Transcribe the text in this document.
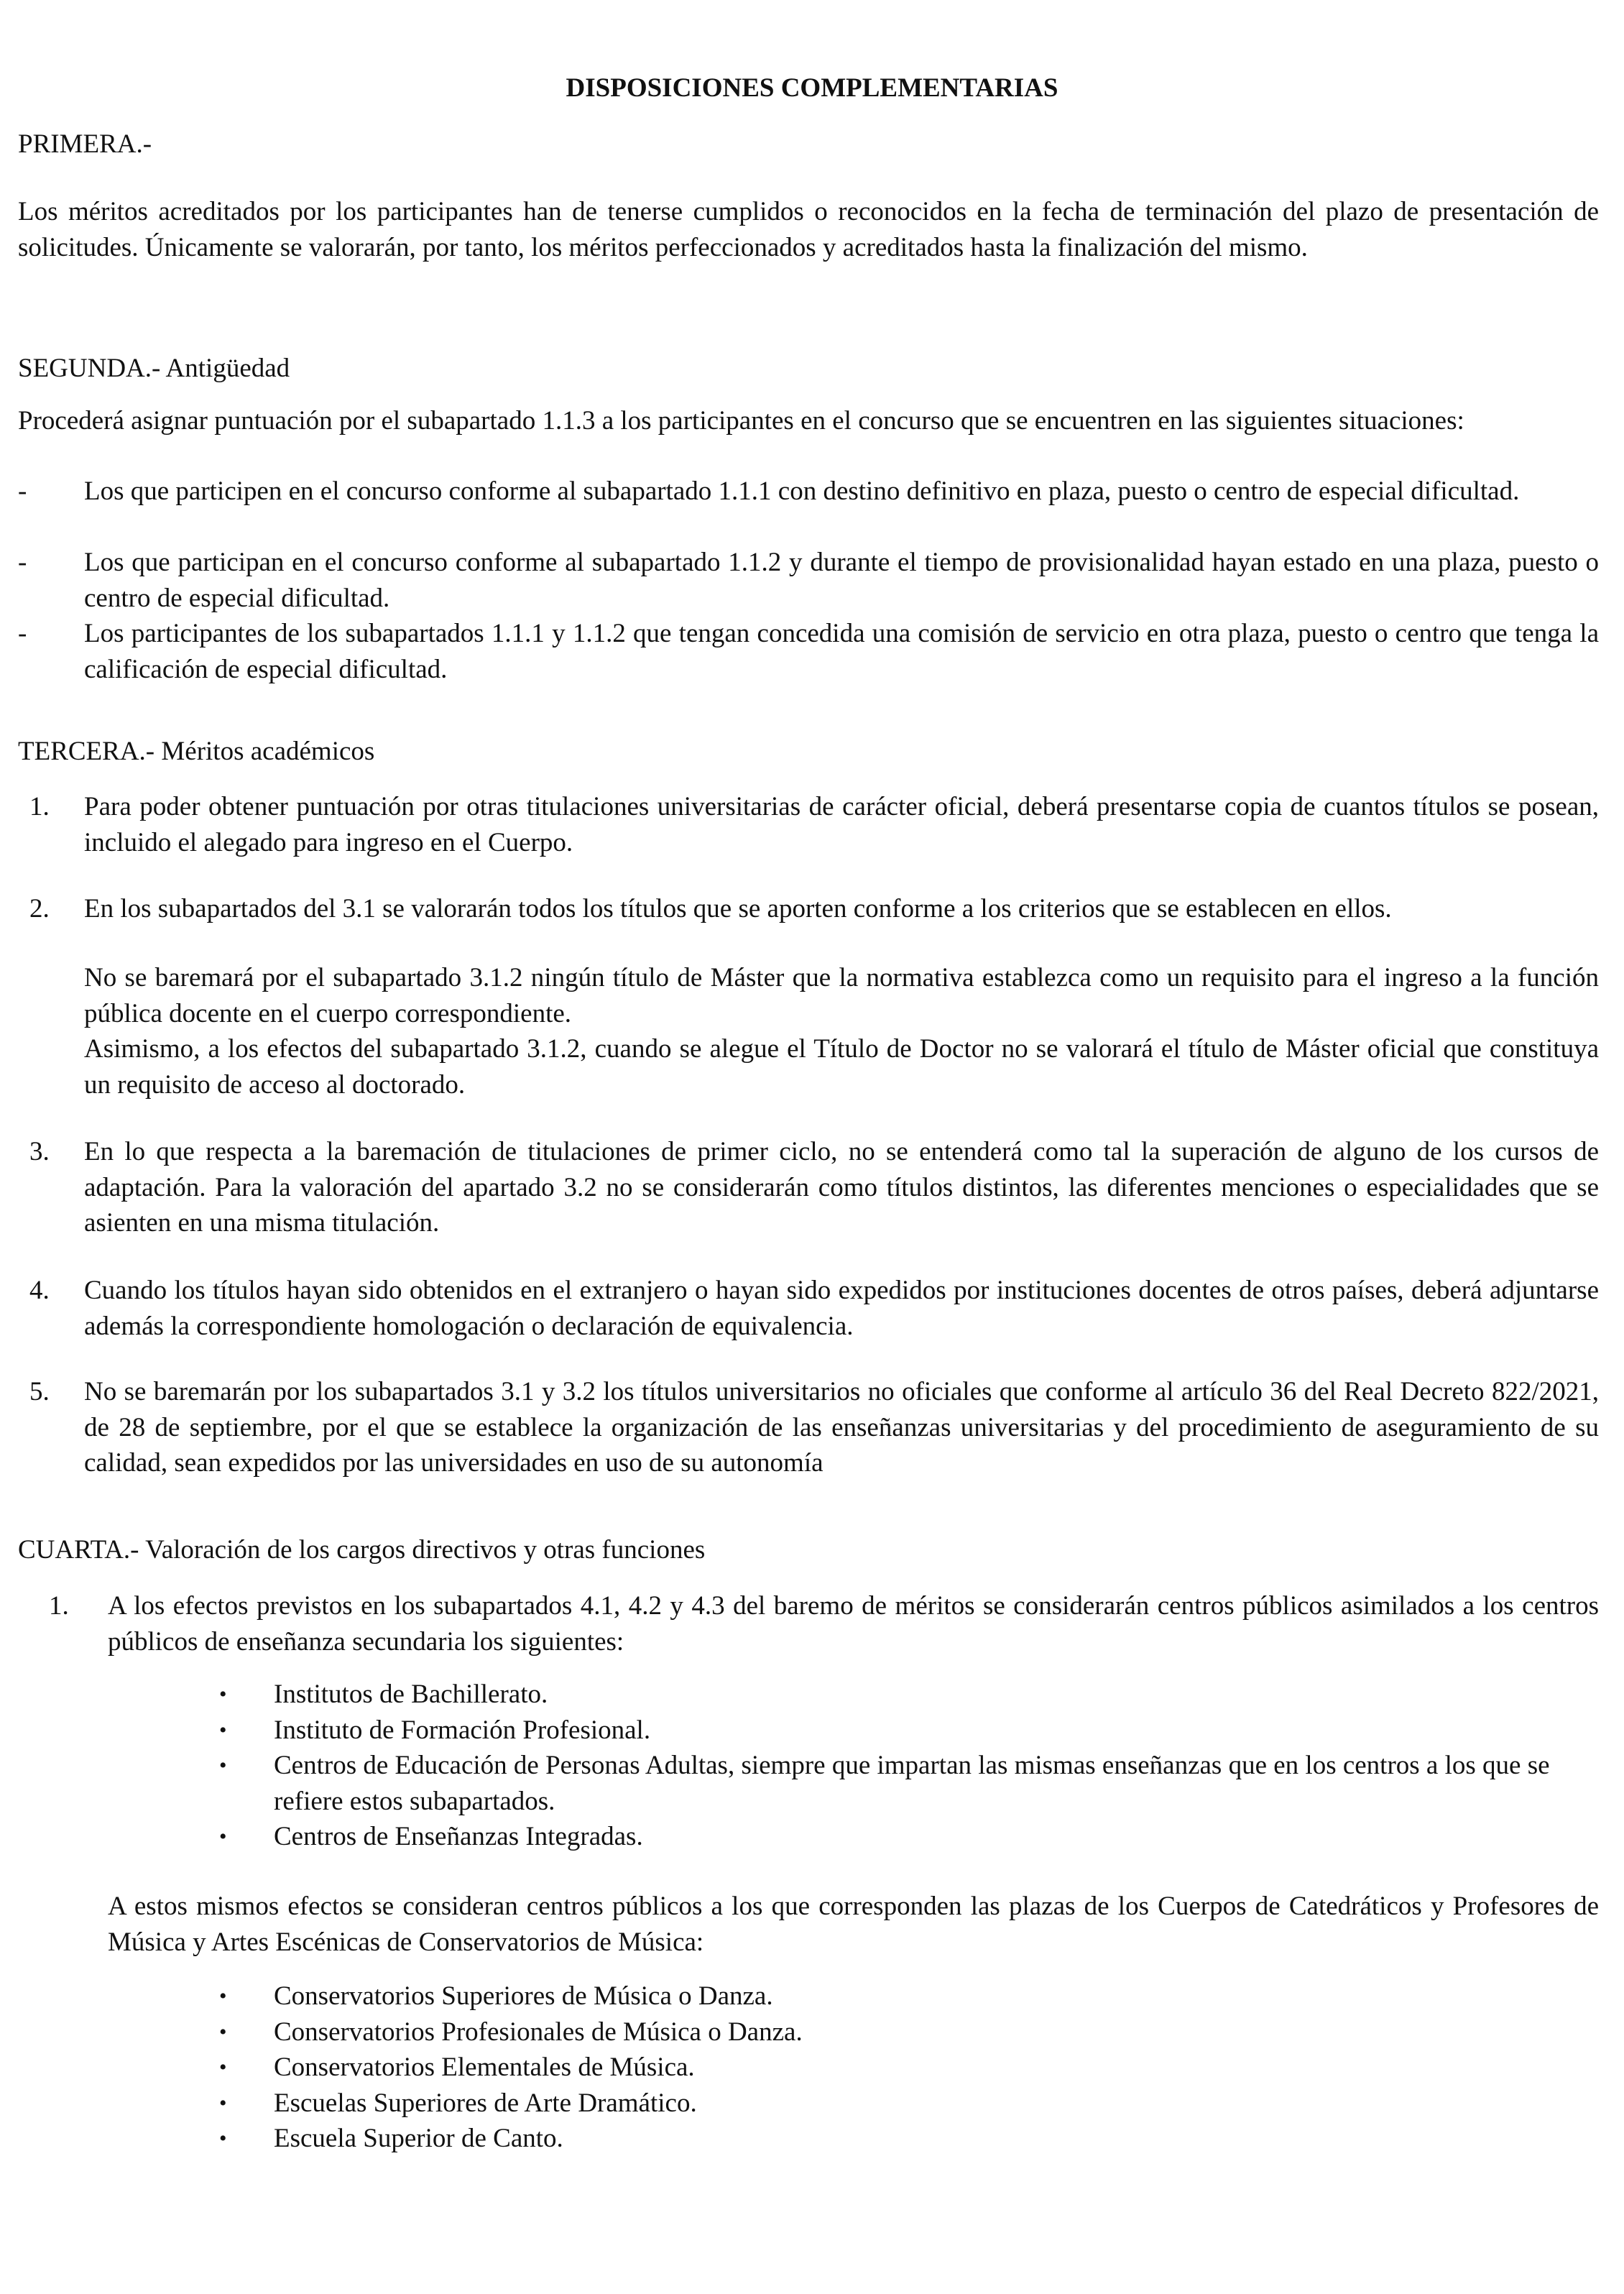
DISPOSICIONES COMPLEMENTARIAS
PRIMERA.-
Los méritos acreditados por los participantes han de tenerse cumplidos o reconocidos en la fecha de terminación del plazo de presentación de solicitudes. Únicamente se valorarán, por tanto, los méritos perfeccionados y acreditados hasta la finalización del mismo.
SEGUNDA.- Antigüedad
Procederá asignar puntuación por el subapartado 1.1.3 a los participantes en el concurso que se encuentren en las siguientes situaciones:
- Los que participen en el concurso conforme al subapartado 1.1.1 con destino definitivo en plaza, puesto o centro de especial dificultad.
- Los que participan en el concurso conforme al subapartado 1.1.2 y durante el tiempo de provisionalidad hayan estado en una plaza, puesto o centro de especial dificultad.
- Los participantes de los subapartados 1.1.1 y 1.1.2 que tengan concedida una comisión de servicio en otra plaza, puesto o centro que tenga la calificación de especial dificultad.
TERCERA.- Méritos académicos
1. Para poder obtener puntuación por otras titulaciones universitarias de carácter oficial, deberá presentarse copia de cuantos títulos se posean, incluido el alegado para ingreso en el Cuerpo.
2. En los subapartados del 3.1 se valorarán todos los títulos que se aporten conforme a los criterios que se establecen en ellos.

No se baremará por el subapartado 3.1.2 ningún título de Máster que la normativa establezca como un requisito para el ingreso a la función pública docente en el cuerpo correspondiente.

Asimismo, a los efectos del subapartado 3.1.2, cuando se alegue el Título de Doctor no se valorará el título de Máster oficial que constituya un requisito de acceso al doctorado.

3. En lo que respecta a la baremación de titulaciones de primer ciclo, no se entenderá como tal la superación de alguno de los cursos de adaptación. Para la valoración del apartado 3.2 no se considerarán como títulos distintos, las diferentes menciones o especialidades que se asienten en una misma titulación.
4. Cuando los títulos hayan sido obtenidos en el extranjero o hayan sido expedidos por instituciones docentes de otros países, deberá adjuntarse además la correspondiente homologación o declaración de equivalencia.
5. No se baremarán por los subapartados 3.1 y 3.2 los títulos universitarios no oficiales que conforme al artículo 36 del Real Decreto 822/2021, de 28 de septiembre, por el que se establece la organización de las enseñanzas universitarias y del procedimiento de aseguramiento de su calidad, sean expedidos por las universidades en uso de su autonomía
CUARTA.- Valoración de los cargos directivos y otras funciones
1. A los efectos previstos en los subapartados 4.1, 4.2 y 4.3 del baremo de méritos se considerarán centros públicos asimilados a los centros públicos de enseñanza secundaria los siguientes:
• Institutos de Bachillerato.
• Instituto de Formación Profesional.
• Centros de Educación de Personas Adultas, siempre que impartan las mismas enseñanzas que en los centros a los que se refiere estos subapartados.
• Centros de Enseñanzas Integradas.
A estos mismos efectos se consideran centros públicos a los que corresponden las plazas de los Cuerpos de Catedráticos y Profesores de Música y Artes Escénicas de Conservatorios de Música:
• Conservatorios Superiores de Música o Danza.
• Conservatorios Profesionales de Música o Danza.
• Conservatorios Elementales de Música.
• Escuelas Superiores de Arte Dramático.
• Escuela Superior de Canto.
